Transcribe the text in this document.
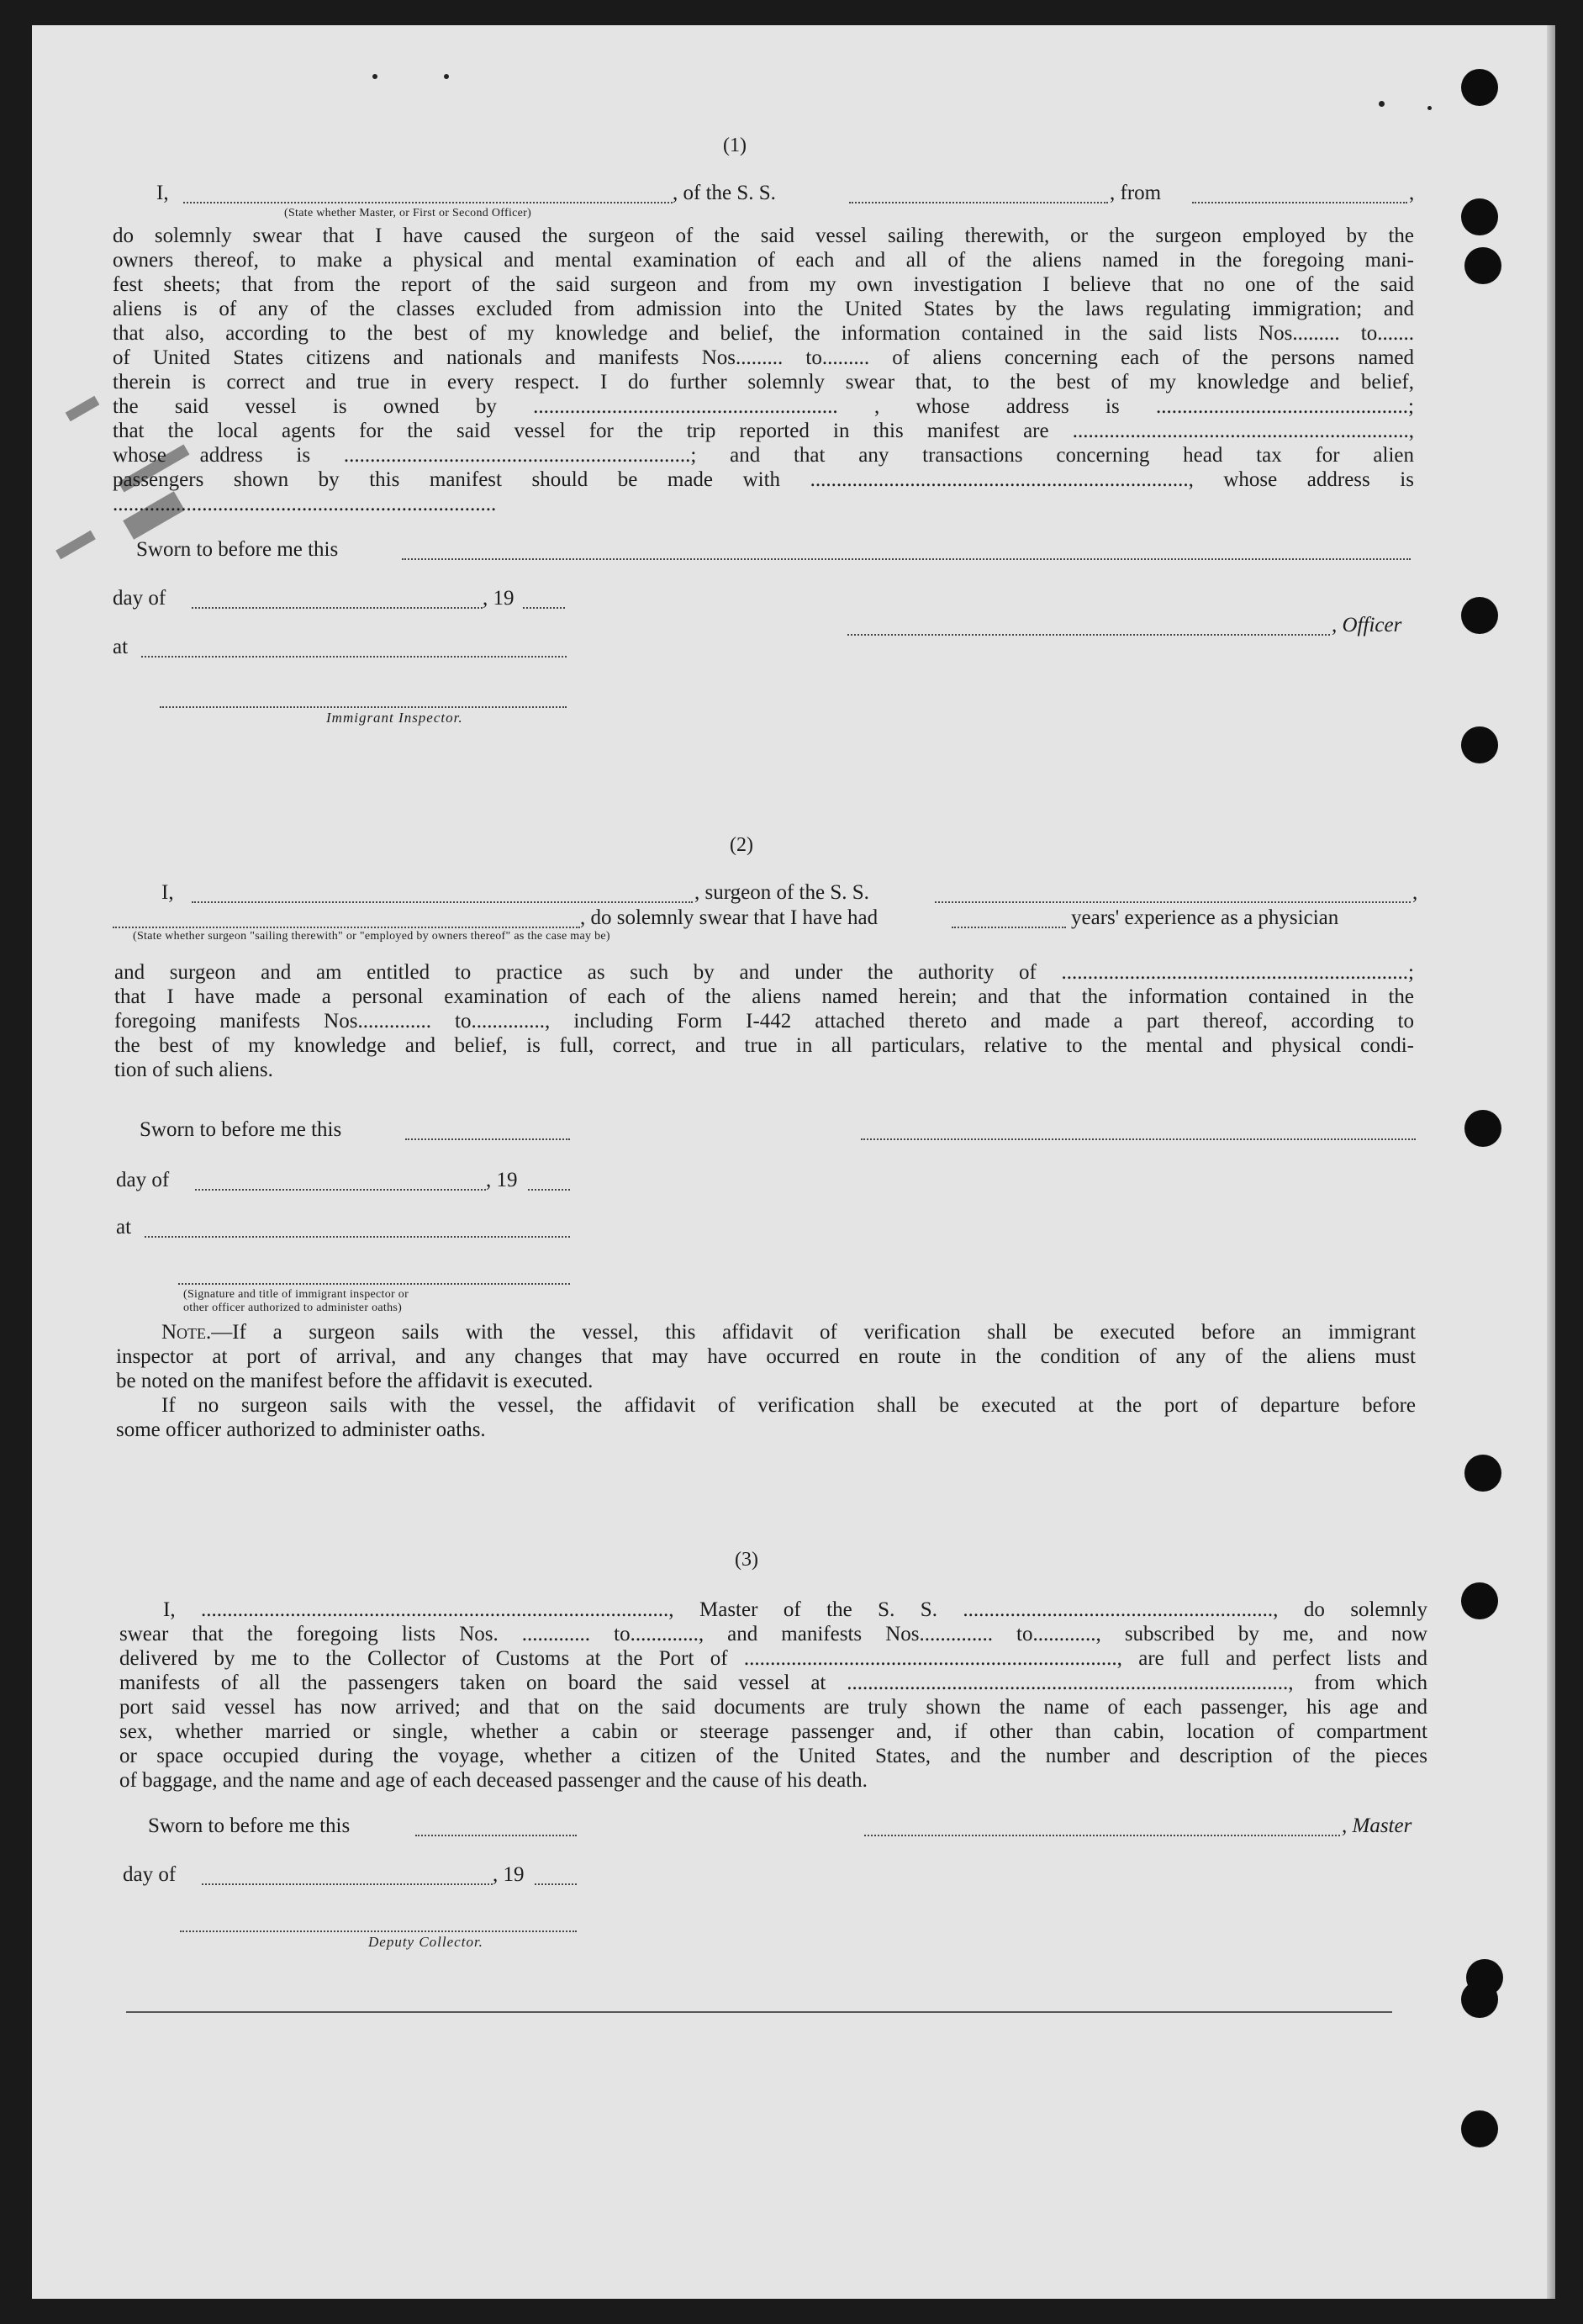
(1)
I,	, of the S. S.	, from	,
(State whether Master, or First or Second Officer)
do solemnly swear that I have caused the surgeon of the said vessel sailing therewith, or the surgeon employed by the
owners thereof, to make a physical and mental examination of each and all of the aliens named in the foregoing mani-
fest sheets; that from the report of the said surgeon and from my own investigation I believe that no one of the said
aliens is of any of the classes excluded from admission into the United States by the laws regulating immigration; and
that also, according to the best of my knowledge and belief, the information contained in the said lists Nos......... to.......
of United States citizens and nationals and manifests Nos......... to......... of aliens concerning each of the persons named
therein is correct and true in every respect. I do further solemnly swear that, to the best of my knowledge and belief,
the said vessel is owned by .......................................................... , whose address is ................................................;
that the local agents for the said vessel for the trip reported in this manifest are ................................................................,
whose address is ..................................................................; and that any transactions concerning head tax for alien
passengers shown by this manifest should be made with ........................................................................, whose address is
.........................................................................
Sworn to before me this
day of	, 19
, Officer
at
Immigrant Inspector.
(2)
I,	, surgeon of the S. S.	,
, do solemnly swear that I have had	years' experience as a physician
(State whether surgeon "sailing therewith" or "employed by owners thereof" as the case may be)
and surgeon and am entitled to practice as such by and under the authority of ..................................................................;
that I have made a personal examination of each of the aliens named herein; and that the information contained in the
foregoing manifests Nos.............. to.............., including Form I-442 attached thereto and made a part thereof, according to
the best of my knowledge and belief, is full, correct, and true in all particulars, relative to the mental and physical condi-
tion of such aliens.
Sworn to before me this
day of	, 19
at
(Signature and title of immigrant inspector or
other officer authorized to administer oaths)
Note.—If a surgeon sails with the vessel, this affidavit of verification shall be executed before an immigrant
inspector at port of arrival, and any changes that may have occurred en route in the condition of any of the aliens must
be noted on the manifest before the affidavit is executed.
If no surgeon sails with the vessel, the affidavit of verification shall be executed at the port of departure before
some officer authorized to administer oaths.
(3)
I, ........................................................................................., Master of the S. S. ..........................................................., do solemnly
swear that the foregoing lists Nos. ............. to............., and manifests Nos.............. to............, subscribed by me, and now
delivered by me to the Collector of Customs at the Port of ......................................................................., are full and perfect lists and
manifests of all the passengers taken on board the said vessel at ...................................................................................., from which
port said vessel has now arrived; and that on the said documents are truly shown the name of each passenger, his age and
sex, whether married or single, whether a cabin or steerage passenger and, if other than cabin, location of compartment
or space occupied during the voyage, whether a citizen of the United States, and the number and description of the pieces
of baggage, and the name and age of each deceased passenger and the cause of his death.
Sworn to before me this	, Master
day of	, 19
Deputy Collector.
